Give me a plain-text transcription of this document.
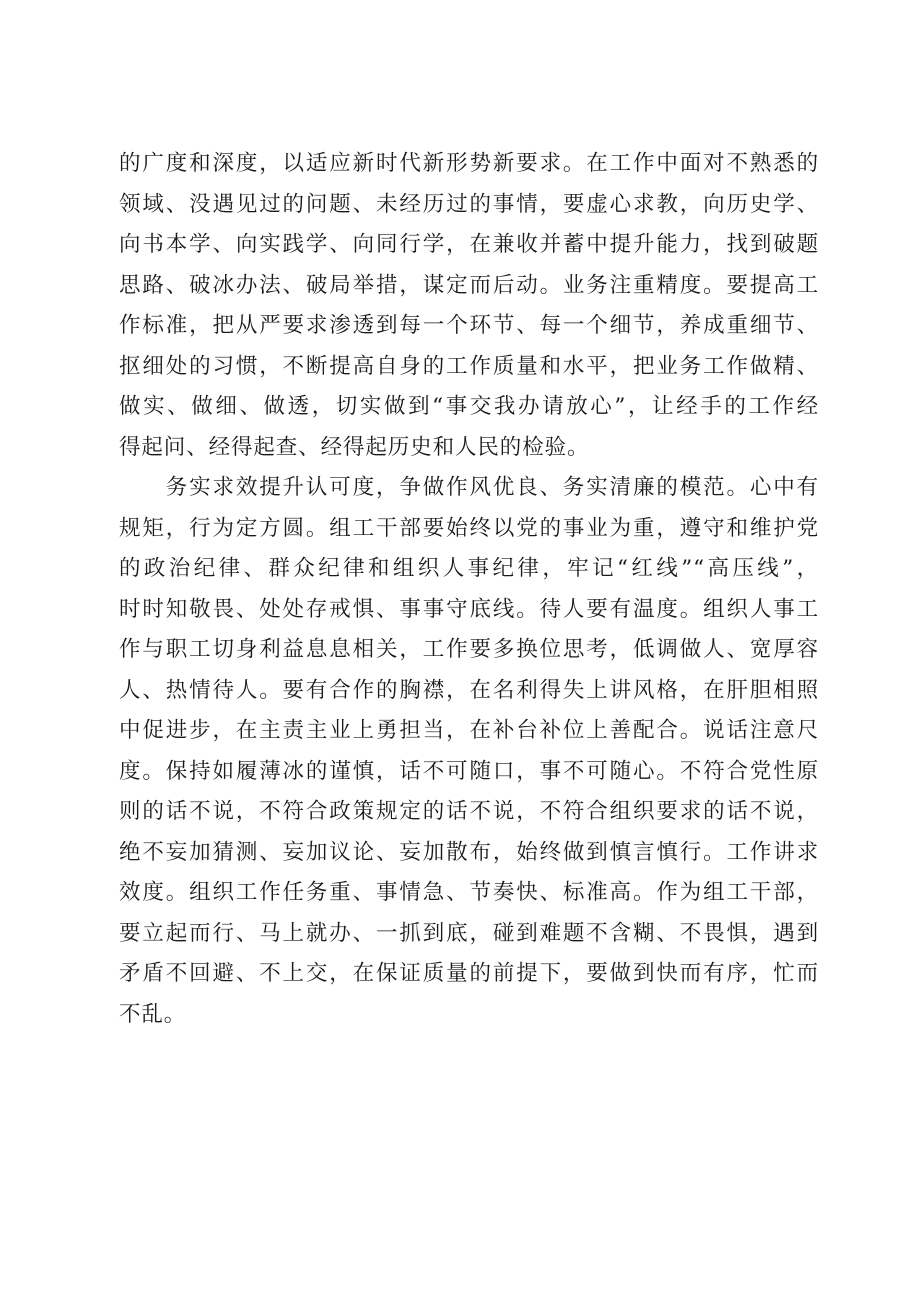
的广度和深度，以适应新时代新形势新要求。在工作中面对不熟悉的
领域、没遇见过的问题、未经历过的事情，要虚心求教，向历史学、
向书本学、向实践学、向同行学，在兼收并蓄中提升能力，找到破题
思路、破冰办法、破局举措，谋定而后动。业务注重精度。要提高工
作标准，把从严要求渗透到每一个环节、每一个细节，养成重细节、
抠细处的习惯，不断提高自身的工作质量和水平，把业务工作做精、
做实、做细、做透，切实做到“事交我办请放心”，让经手的工作经
得起问、经得起查、经得起历史和人民的检验。
　　务实求效提升认可度，争做作风优良、务实清廉的模范。心中有
规矩，行为定方圆。组工干部要始终以党的事业为重，遵守和维护党
的政治纪律、群众纪律和组织人事纪律，牢记“红线”“高压线”，
时时知敬畏、处处存戒惧、事事守底线。待人要有温度。组织人事工
作与职工切身利益息息相关，工作要多换位思考，低调做人、宽厚容
人、热情待人。要有合作的胸襟，在名利得失上讲风格，在肝胆相照
中促进步，在主责主业上勇担当，在补台补位上善配合。说话注意尺
度。保持如履薄冰的谨慎，话不可随口，事不可随心。不符合党性原
则的话不说，不符合政策规定的话不说，不符合组织要求的话不说，
绝不妄加猜测、妄加议论、妄加散布，始终做到慎言慎行。工作讲求
效度。组织工作任务重、事情急、节奏快、标准高。作为组工干部，
要立起而行、马上就办、一抓到底，碰到难题不含糊、不畏惧，遇到
矛盾不回避、不上交，在保证质量的前提下，要做到快而有序，忙而
不乱。
